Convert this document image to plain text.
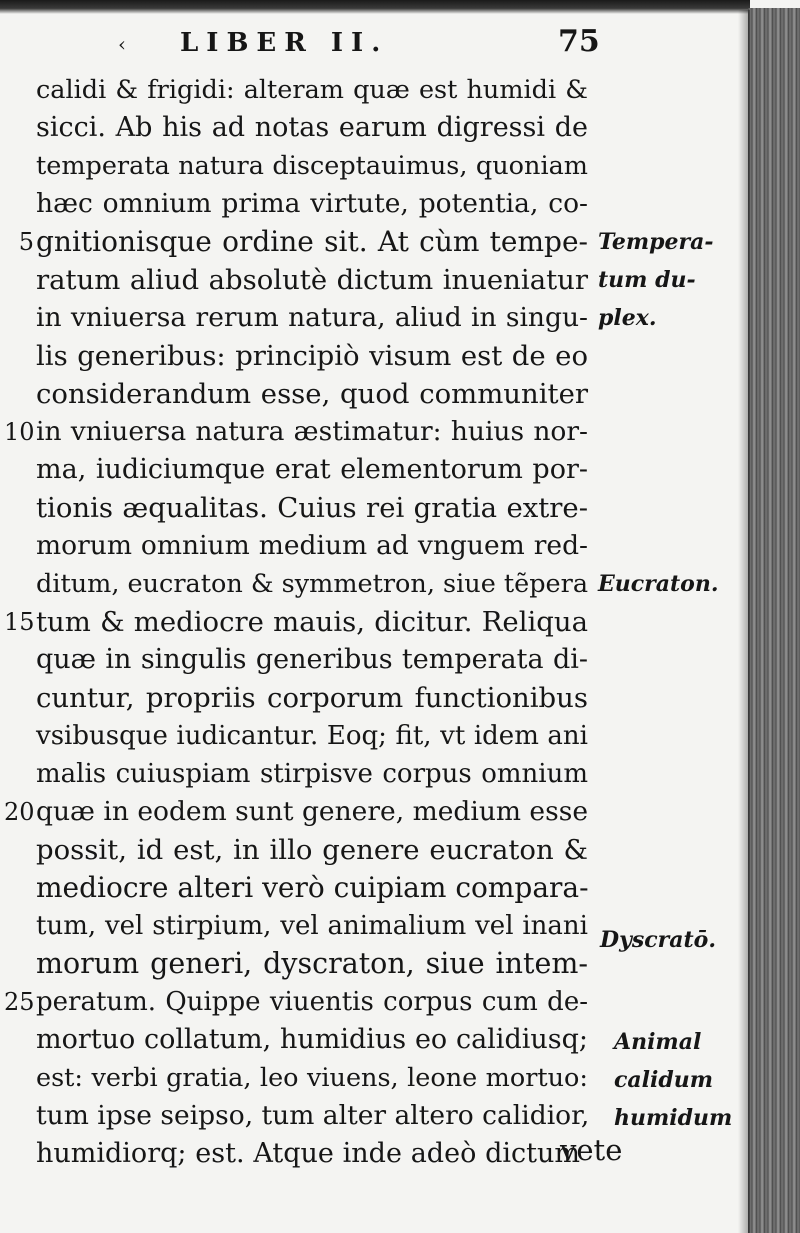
‹ LIBER II.	75
calidi & frigidi: alteram quæ est humidi &
sicci. Ab his ad notas earum digressi de
temperata natura disceptauimus, quoniam
hæc omnium prima virtute, potentia, co-
gnitionisque ordine sit. At cùm tempe-
ratum aliud absolutè dictum inueniatur
in vniuersa rerum natura, aliud in singu-
lis generibus: principiò visum est de eo
considerandum esse, quod communiter
in vniuersa natura æstimatur: huius nor-
ma, iudiciumque erat elementorum por-
tionis æqualitas. Cuius rei gratia extre-
morum omnium medium ad vnguem red-
ditum, eucraton & symmetron, siue tẽpera
tum & mediocre mauis, dicitur. Reliqua
quæ in singulis generibus temperata di-
cuntur, propriis corporum functionibus
vsibusque iudicantur. Eoq; fit, vt idem ani
malis cuiuspiam stirpisve corpus omnium
quæ in eodem sunt genere, medium esse
possit, id est, in illo genere eucraton &
mediocre alteri verò cuipiam compara-
tum, vel stirpium, vel animalium vel inani
morum generi, dyscraton, siue intem-
peratum. Quippe viuentis corpus cum de-
mortuo collatum, humidius eo calidiusq;
est: verbi gratia, leo viuens, leone mortuo:
tum ipse seipso, tum alter altero calidior,
humidiorq; est. Atque inde adeò dictum
5
10
15
20
25
Tempera-
tum du-
plex.
Eucraton.
Dyscratō.
Animal
calidum
humidum
vete
